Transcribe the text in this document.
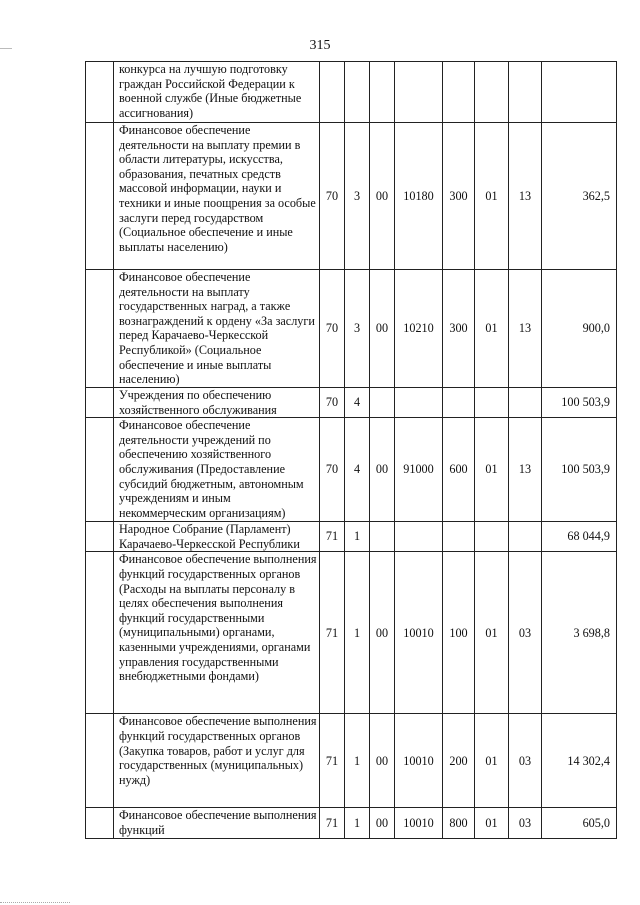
315
	конкурса на лучшую подготовку граждан Российской Федерации к военной службе (Иные бюджетные ассигнования)								
	Финансовое обеспечение деятельности на выплату премии в области литературы, искусства, образования, печатных средств массовой информации, науки и техники и иные поощрения за особые заслуги перед государством (Социальное обеспечение и иные выплаты населению)	70	3	00	10180	300	01	13	362,5
	Финансовое обеспечение деятельности на выплату государственных наград, а также вознаграждений к ордену «За заслуги перед Карачаево-Черкесской Республикой» (Социальное обеспечение и иные выплаты населению)	70	3	00	10210	300	01	13	900,0
	Учреждения по обеспечению хозяйственного обслуживания	70	4						100 503,9
	Финансовое обеспечение деятельности учреждений по обеспечению хозяйственного обслуживания (Предоставление субсидий бюджетным, автономным учреждениям и иным некоммерческим организациям)	70	4	00	91000	600	01	13	100 503,9
	Народное Собрание (Парламент) Карачаево-Черкесской Республики	71	1						68 044,9
	Финансовое обеспечение выполнения функций государственных органов (Расходы на выплаты персоналу в целях обеспечения выполнения функций государственными (муниципальными) органами, казенными учреждениями, органами управления государственными внебюджетными фондами)	71	1	00	10010	100	01	03	3 698,8
	Финансовое обеспечение выполнения функций государственных органов (Закупка товаров, работ и услуг для государственных (муниципальных) нужд)	71	1	00	10010	200	01	03	14 302,4
	Финансовое обеспечение выполнения функций	71	1	00	10010	800	01	03	605,0
